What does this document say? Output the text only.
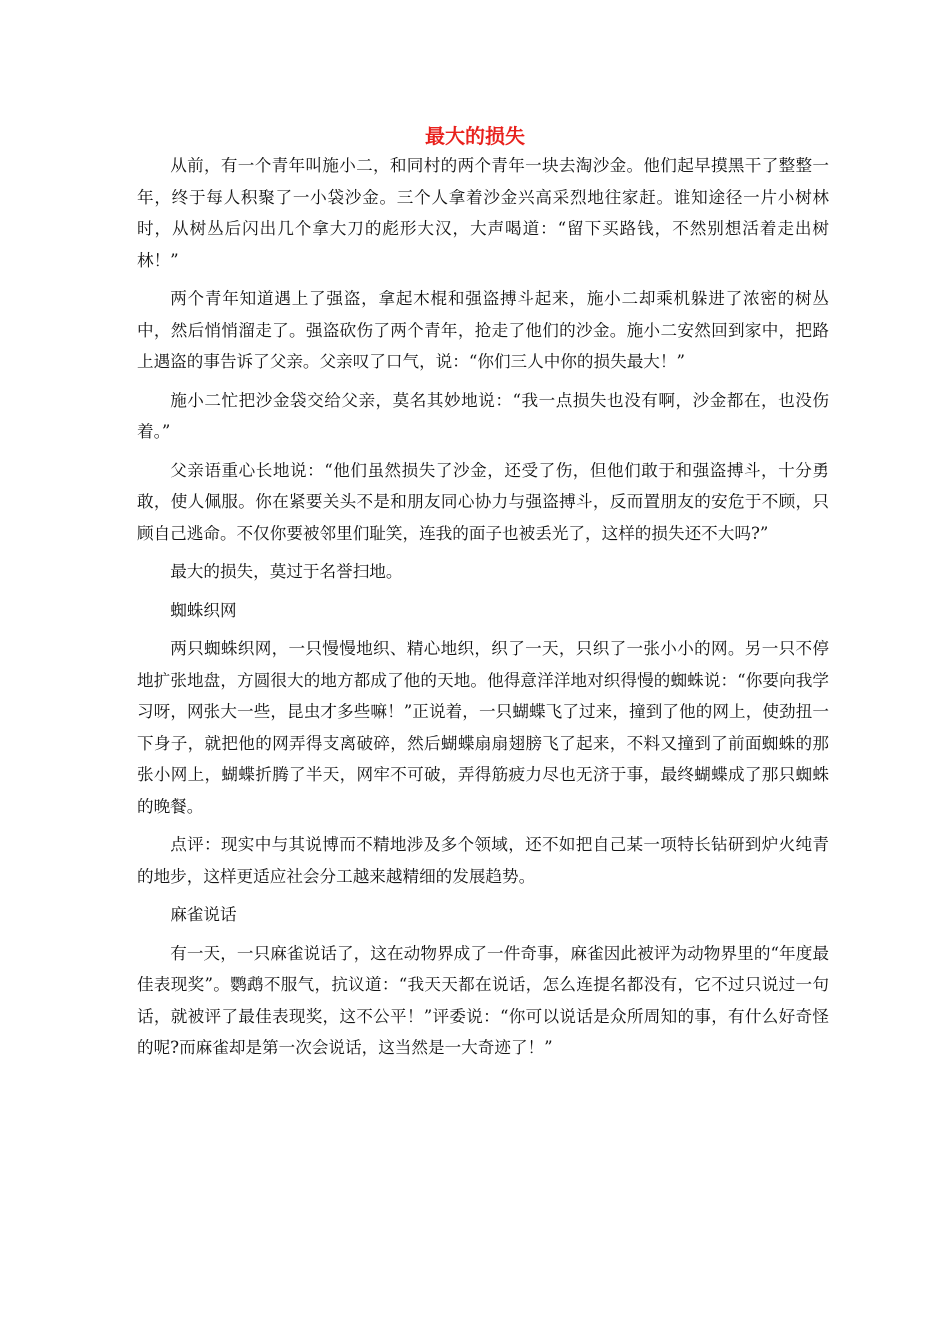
最大的损失

从前，有一个青年叫施小二，和同村的两个青年一块去淘沙金。他们起早摸黑干了整整一年，终于每人积聚了一小袋沙金。三个人拿着沙金兴高采烈地往家赶。谁知途径一片小树林时，从树丛后闪出几个拿大刀的彪形大汉，大声喝道：“留下买路钱，不然别想活着走出树林！”

两个青年知道遇上了强盗，拿起木棍和强盗搏斗起来，施小二却乘机躲进了浓密的树丛中，然后悄悄溜走了。强盗砍伤了两个青年，抢走了他们的沙金。施小二安然回到家中，把路上遇盗的事告诉了父亲。父亲叹了口气，说：“你们三人中你的损失最大！”

施小二忙把沙金袋交给父亲，莫名其妙地说：“我一点损失也没有啊，沙金都在，也没伤着。”

父亲语重心长地说：“他们虽然损失了沙金，还受了伤，但他们敢于和强盗搏斗，十分勇敢，使人佩服。你在紧要关头不是和朋友同心协力与强盗搏斗，反而置朋友的安危于不顾，只顾自己逃命。不仅你要被邻里们耻笑，连我的面子也被丢光了，这样的损失还不大吗?”

最大的损失，莫过于名誉扫地。

蜘蛛织网

两只蜘蛛织网，一只慢慢地织、精心地织，织了一天，只织了一张小小的网。另一只不停地扩张地盘，方圆很大的地方都成了他的天地。他得意洋洋地对织得慢的蜘蛛说：“你要向我学习呀，网张大一些，昆虫才多些嘛！”正说着，一只蝴蝶飞了过来，撞到了他的网上，使劲扭一下身子，就把他的网弄得支离破碎，然后蝴蝶扇扇翅膀飞了起来，不料又撞到了前面蜘蛛的那张小网上，蝴蝶折腾了半天，网牢不可破，弄得筋疲力尽也无济于事，最终蝴蝶成了那只蜘蛛的晚餐。

点评：现实中与其说博而不精地涉及多个领域，还不如把自己某一项特长钻研到炉火纯青的地步，这样更适应社会分工越来越精细的发展趋势。

麻雀说话

有一天，一只麻雀说话了，这在动物界成了一件奇事，麻雀因此被评为动物界里的“年度最佳表现奖”。鹦鹉不服气，抗议道：“我天天都在说话，怎么连提名都没有，它不过只说过一句话，就被评了最佳表现奖，这不公平！”评委说：“你可以说话是众所周知的事，有什么好奇怪的呢?而麻雀却是第一次会说话，这当然是一大奇迹了！”
